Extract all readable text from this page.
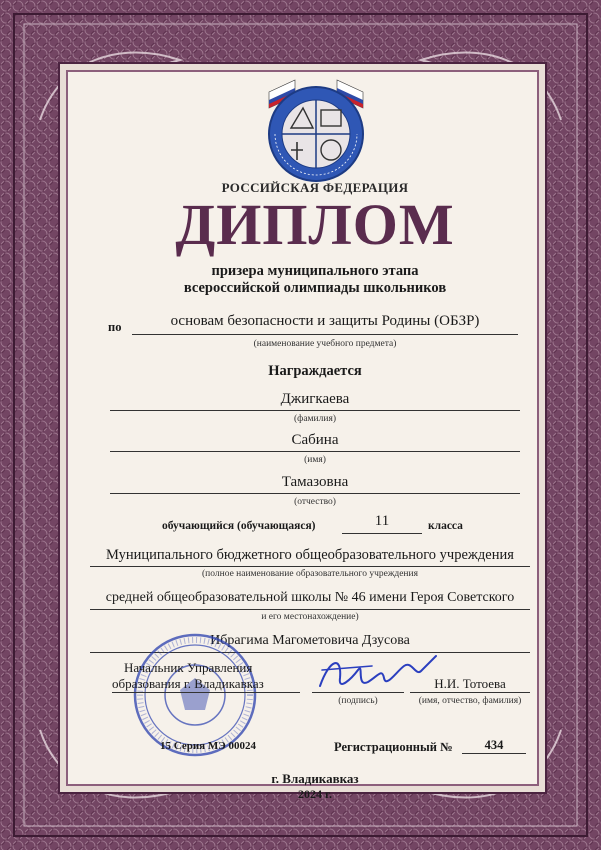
РОССИЙСКАЯ ФЕДЕРАЦИЯ
ДИПЛОМ
призера муниципального этапа
всероссийской олимпиады школьников
по	основам безопасности и защиты Родины (ОБЗР)
(наименование учебного предмета)
Награждается
Джигкаева
(фамилия)
Сабина
(имя)
Тамазовна
(отчество)
обучающийся (обучающаяся)	11	класса
Муниципального бюджетного общеобразовательного учреждения
(полное наименование образовательного учреждения
средней общеобразовательной школы № 46 имени Героя Советского
и его местонахождение)
Ибрагима Магометовича Дзусова
Начальник Управления
образования г. Владикавказ
(подпись)
Н.И. Тотоева
(имя, отчество, фамилия)
15 Серия МЭ 00024	Регистрационный №	434
г. Владикавказ
2024 г.
